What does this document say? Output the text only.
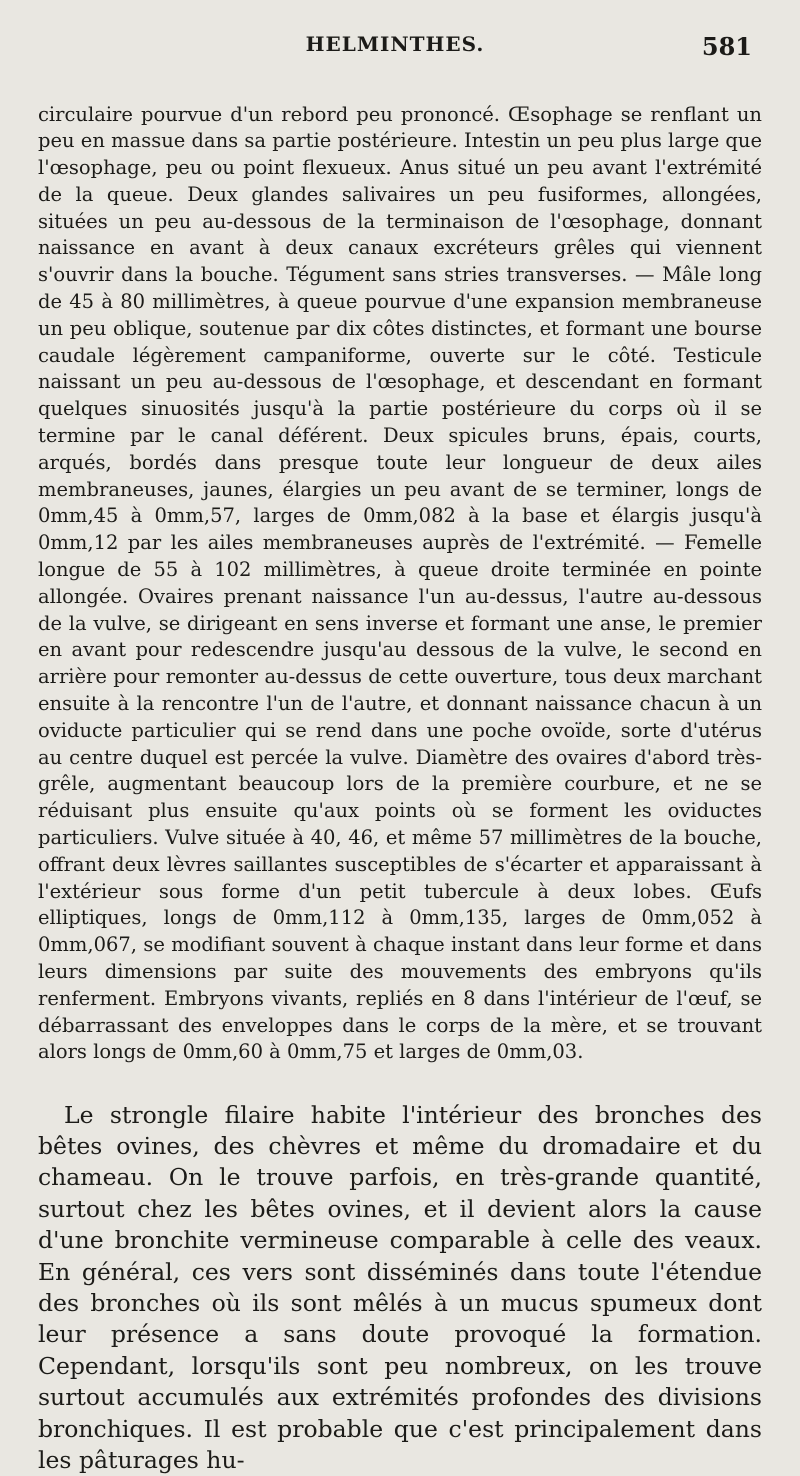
HELMINTHES.	581

circulaire pourvue d'un rebord peu prononcé. Œsophage se renflant un peu en massue dans sa partie postérieure. Intestin un peu plus large que l'œsophage, peu ou point flexueux. Anus situé un peu avant l'extrémité de la queue. Deux glandes salivaires un peu fusiformes, allongées, situées un peu au-dessous de la terminaison de l'œsophage, donnant naissance en avant à deux canaux excréteurs grêles qui viennent s'ouvrir dans la bouche. Tégument sans stries transverses. — Mâle long de 45 à 80 millimètres, à queue pourvue d'une expansion membraneuse un peu oblique, soutenue par dix côtes distinctes, et formant une bourse caudale légèrement campaniforme, ouverte sur le côté. Testicule naissant un peu au-dessous de l'œsophage, et descendant en formant quelques sinuosités jusqu'à la partie postérieure du corps où il se termine par le canal déférent. Deux spicules bruns, épais, courts, arqués, bordés dans presque toute leur longueur de deux ailes membraneuses, jaunes, élargies un peu avant de se terminer, longs de 0mm,45 à 0mm,57, larges de 0mm,082 à la base et élargis jusqu'à 0mm,12 par les ailes membraneuses auprès de l'extrémité. — Femelle longue de 55 à 102 millimètres, à queue droite terminée en pointe allongée. Ovaires prenant naissance l'un au-dessus, l'autre au-dessous de la vulve, se dirigeant en sens inverse et formant une anse, le premier en avant pour redescendre jusqu'au dessous de la vulve, le second en arrière pour remonter au-dessus de cette ouverture, tous deux marchant ensuite à la rencontre l'un de l'autre, et donnant naissance chacun à un oviducte particulier qui se rend dans une poche ovoïde, sorte d'utérus au centre duquel est percée la vulve. Diamètre des ovaires d'abord très-grêle, augmentant beaucoup lors de la première courbure, et ne se réduisant plus ensuite qu'aux points où se forment les oviductes particuliers. Vulve située à 40, 46, et même 57 millimètres de la bouche, offrant deux lèvres saillantes susceptibles de s'écarter et apparaissant à l'extérieur sous forme d'un petit tubercule à deux lobes. Œufs elliptiques, longs de 0mm,112 à 0mm,135, larges de 0mm,052 à 0mm,067, se modifiant souvent à chaque instant dans leur forme et dans leurs dimensions par suite des mouvements des embryons qu'ils renferment. Embryons vivants, repliés en 8 dans l'intérieur de l'œuf, se débarrassant des enveloppes dans le corps de la mère, et se trouvant alors longs de 0mm,60 à 0mm,75 et larges de 0mm,03.

Le strongle filaire habite l'intérieur des bronches des bêtes ovines, des chèvres et même du dromadaire et du chameau. On le trouve parfois, en très-grande quantité, surtout chez les bêtes ovines, et il devient alors la cause d'une bronchite vermineuse comparable à celle des veaux. En général, ces vers sont disséminés dans toute l'étendue des bronches où ils sont mêlés à un mucus spumeux dont leur présence a sans doute provoqué la formation. Cependant, lorsqu'ils sont peu nombreux, on les trouve surtout accumulés aux extrémités profondes des divisions bronchiques. Il est probable que c'est principalement dans les pâturages hu-
